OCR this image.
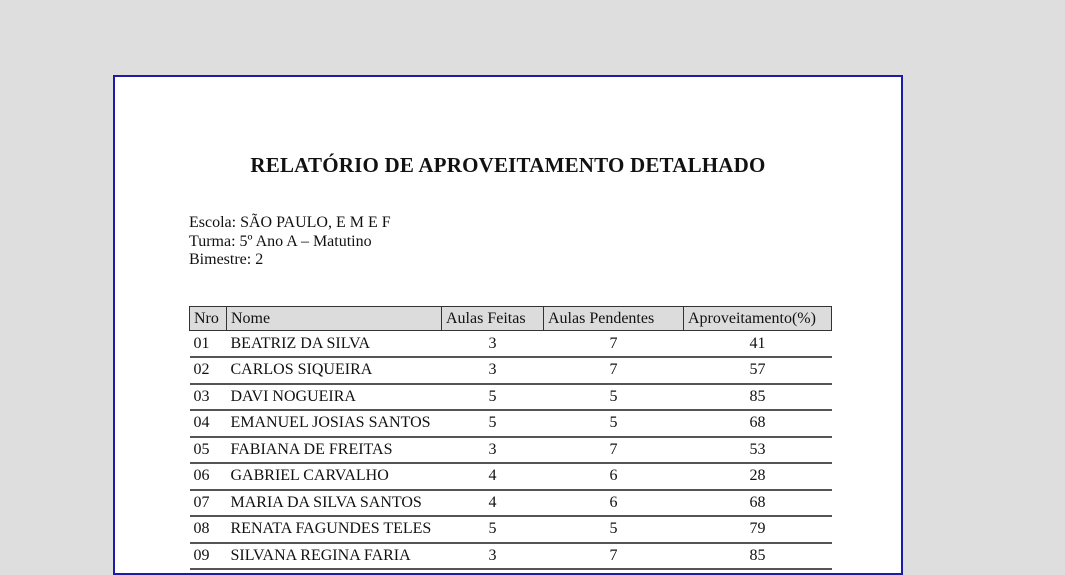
RELATÓRIO DE APROVEITAMENTO DETALHADO
Escola: SÃO PAULO, E M E F
Turma: 5º Ano A – Matutino
Bimestre: 2
Nro	Nome	Aulas Feitas	Aulas Pendentes	Aproveitamento(%)
01	BEATRIZ DA SILVA	3	7	41
02	CARLOS SIQUEIRA	3	7	57
03	DAVI NOGUEIRA	5	5	85
04	EMANUEL JOSIAS SANTOS	5	5	68
05	FABIANA DE FREITAS	3	7	53
06	GABRIEL CARVALHO	4	6	28
07	MARIA DA SILVA SANTOS	4	6	68
08	RENATA FAGUNDES TELES	5	5	79
09	SILVANA REGINA FARIA	3	7	85
